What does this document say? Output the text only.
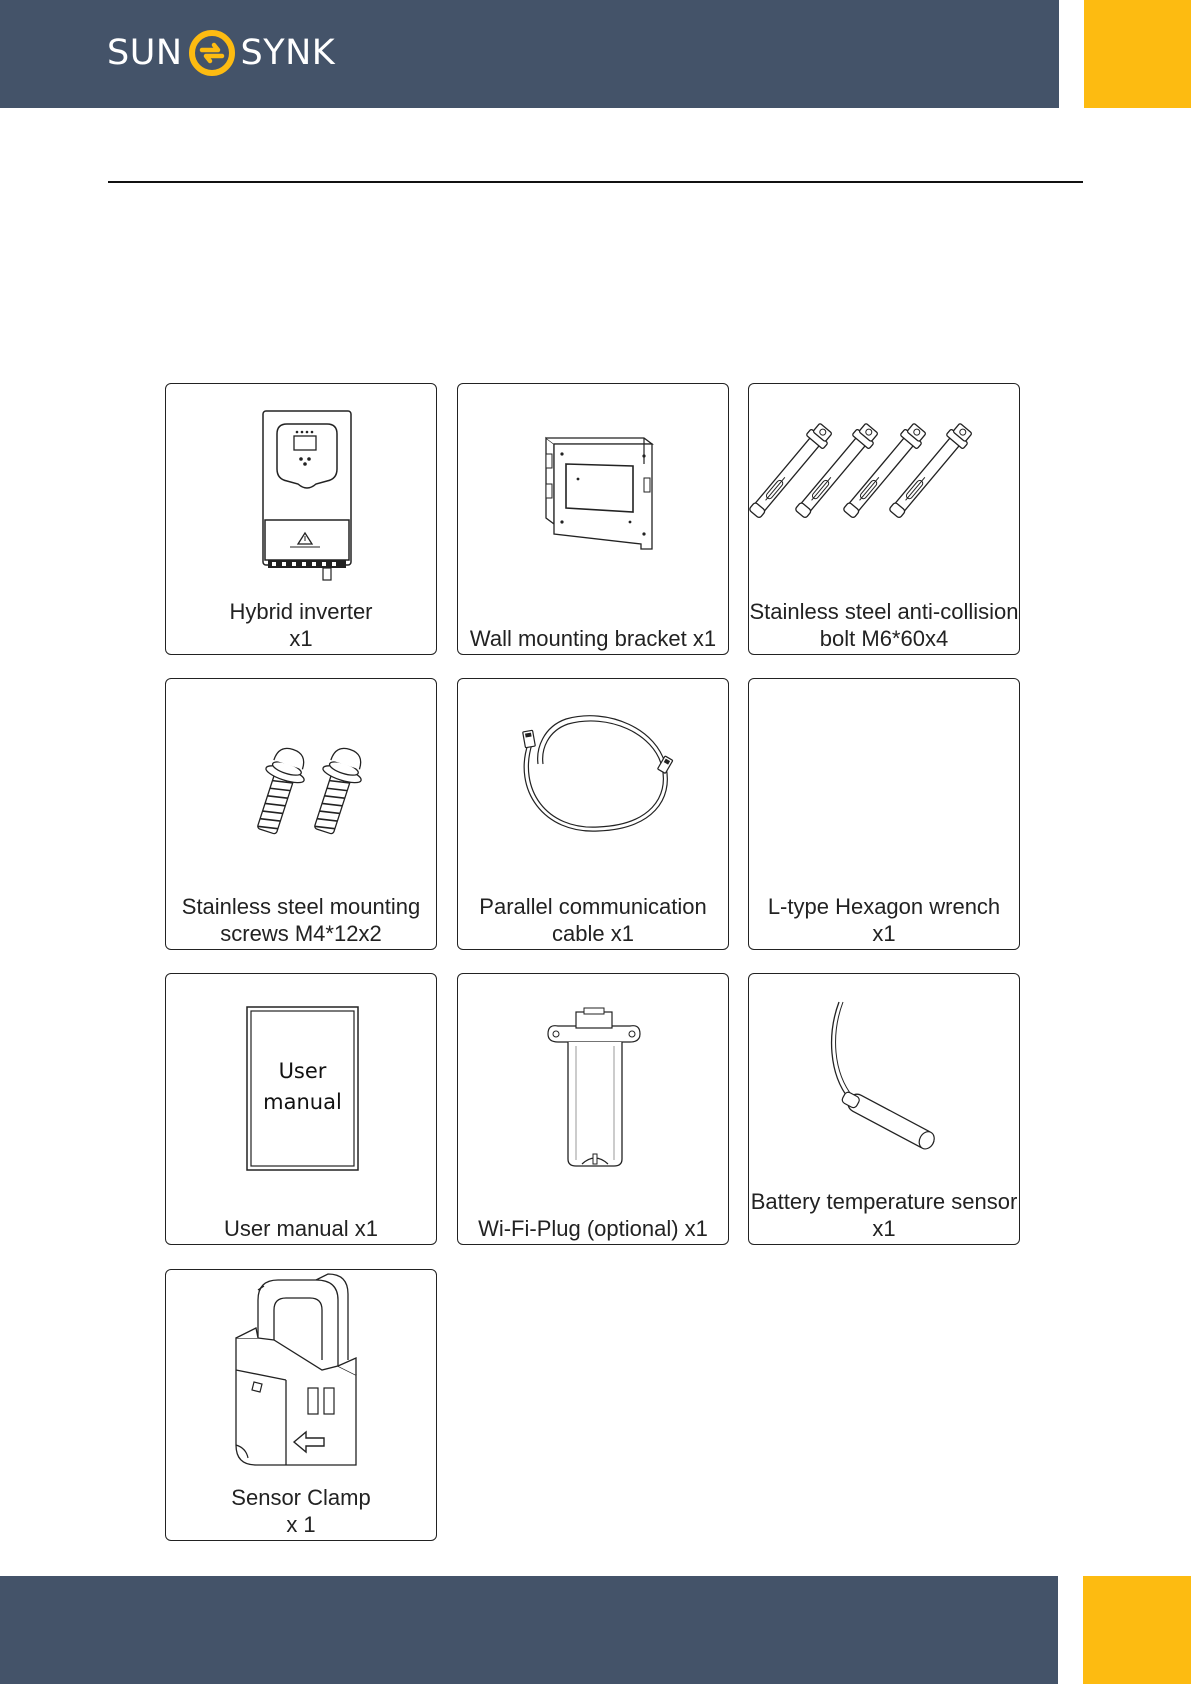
SUN SYNK
Hybrid inverter
x1	Wall mounting bracket x1
Stainless steel anti-collision
bolt M6*60x4
Stainless steel mounting
screws M4*12x2
Parallel communication
cable x1
L-type Hexagon wrench
x1
User
manual
User manual x1	Wi-Fi-Plug (optional) x1
Battery temperature sensor
x1
Sensor Clamp
x 1
